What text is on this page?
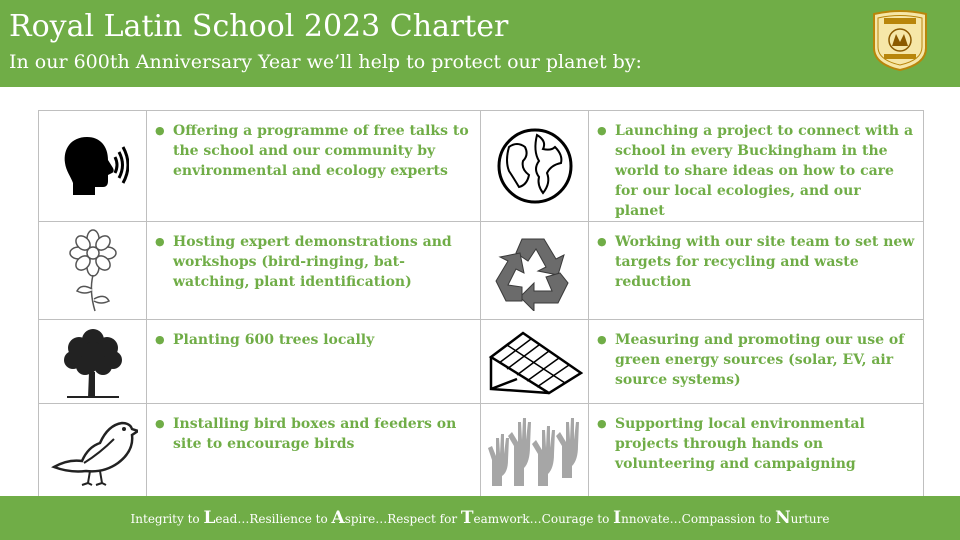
Royal Latin School 2023 Charter
In our 600th Anniversary Year we’ll help to protect our planet by:

● Offering a programme of free talks to the school and our community by environmental and ecology experts		● Launching a project to connect with a school in every Buckingham in the world to share ideas on how to care for our local ecologies, and our planet

● Hosting expert demonstrations and workshops (bird-ringing, bat-watching, plant identification)		● Working with our site team to set new targets for recycling and waste reduction

● Planting 600 trees locally		● Measuring and promoting our use of green energy sources (solar, EV, air source systems)

● Installing bird boxes and feeders on site to encourage birds		● Supporting local environmental projects through hands on volunteering and campaigning
Integrity to Lead…Resilience to Aspire…Respect for Teamwork…Courage to Innovate…Compassion to Nurture
